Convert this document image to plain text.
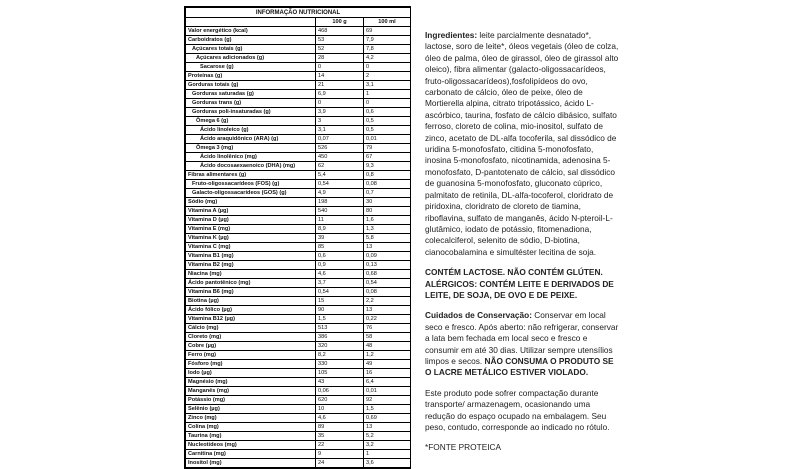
INFORMAÇÃO NUTRICIONAL		
	100 g	100 ml
Valor energético (kcal)	468	69
Carboidratos (g)	53	7,9
Açúcares totais (g)	52	7,8
Açúcares adicionados (g)	28	4,2
Sacarose (g)	0	0
Proteínas (g)	14	2
Gorduras totais (g)	21	3,1
Gorduras saturadas (g)	6,9	1
Gorduras trans (g)	0	0
Gorduras poli-insaturadas (g)	3,9	0,6
Ômega 6 (g)	3	0,5
Ácido linoleico (g)	3,1	0,5
Ácido araquidônico (ARA) (g)	0,07	0,01
Ômega 3 (mg)	526	79
Ácido linolênico (mg)	450	67
Ácido docosaexaenoico (DHA) (mg)	62	9,3
Fibras alimentares (g)	5,4	0,8
Fruto-oligossacarídeos (FOS) (g)	0,54	0,08
Galacto-oligossacarídeos (GOS) (g)	4,9	0,7
Sódio (mg)	198	30
Vitamina A (µg)	540	80
Vitamina D (µg)	11	1,6
Vitamina E (mg)	8,9	1,3
Vitamina K (µg)	39	5,8
Vitamina C (mg)	85	13
Vitamina B1 (mg)	0,6	0,09
Vitamina B2 (mg)	0,9	0,13
Niacina (mg)	4,6	0,68
Ácido pantotênico (mg)	3,7	0,54
Vitamina B6 (mg)	0,54	0,08
Biotina (µg)	15	2,2
Ácido fólico (µg)	90	13
Vitamina B12 (µg)	1,5	0,22
Cálcio (mg)	513	76
Cloreto (mg)	386	58
Cobre (µg)	320	48
Ferro (mg)	8,2	1,2
Fósforo (mg)	330	49
Iodo (µg)	105	16
Magnésio (mg)	43	6,4
Manganês (mg)	0,06	0,01
Potássio (mg)	620	92
Selênio (µg)	10	1,5
Zinco (mg)	4,6	0,69
Colina (mg)	89	13
Taurina (mg)	35	5,2
Nucleotídeos (mg)	22	3,2
Carnitina (mg)	9	1
Inositol (mg)	24	3,6

Ingredientes: leite parcialmente desnatado*, lactose, soro de leite*, óleos vegetais (óleo de colza, óleo de palma, óleo de girassol, óleo de girassol alto oleico), fibra alimentar (galacto-oligossacarídeos, fruto-oligossacarídeos),fosfolipídeos do ovo, carbonato de cálcio, óleo de peixe, óleo de Mortierella alpina, citrato tripotássico, ácido L-ascórbico, taurina, fosfato de cálcio dibásico, sulfato ferroso, cloreto de colina, mio-inositol, sulfato de zinco, acetato de DL-alfa tocoferila, sal dissódico de uridina 5-monofosfato, citidina 5-monofosfato, inosina 5-monofosfato, nicotinamida, adenosina 5-monofosfato, D-pantotenato de cálcio, sal dissódico de guanosina 5-monofosfato, gluconato cúprico, palmitato de retinila, DL-alfa-tocoferol, cloridrato de piridoxina, cloridrato de cloreto de tiamina, riboflavina, sulfato de manganês, ácido N-pteroil-L-glutâmico, iodato de potássio, fitomenadiona, colecalciferol, selenito de sódio, D-biotina, cianocobalamina e simultéster lecitina de soja.

CONTÉM LACTOSE. NÃO CONTÉM GLÚTEN. ALÉRGICOS: CONTÉM LEITE E DERIVADOS DE LEITE, DE SOJA, DE OVO E DE PEIXE.

Cuidados de Conservação: Conservar em local seco e fresco. Após aberto: não refrigerar, conservar a lata bem fechada em local seco e fresco e consumir em até 30 dias. Utilizar sempre utensílios limpos e secos. NÃO CONSUMA O PRODUTO SE O LACRE METÁLICO ESTIVER VIOLADO.

Este produto pode sofrer compactação durante transporte/ armazenagem, ocasionando uma redução do espaço ocupado na embalagem. Seu peso, contudo, corresponde ao indicado no rótulo.

*FONTE PROTEICA
